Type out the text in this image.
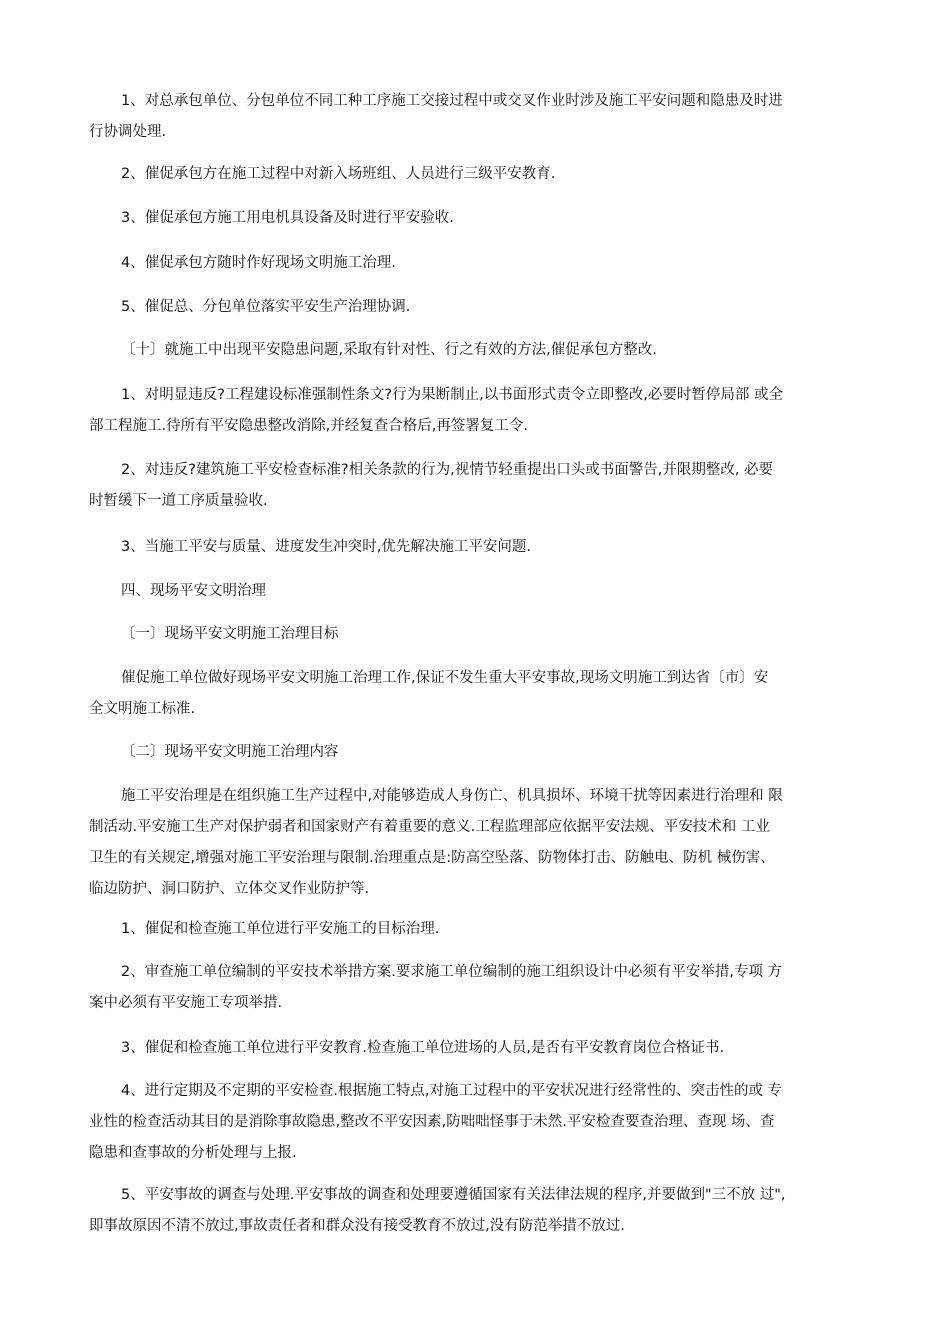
1、对总承包单位、分包单位不同工种工序施工交接过程中或交叉作业时涉及施工平安问题和隐患及时进
行协调处理.
2、催促承包方在施工过程中对新入场班组、人员进行三级平安教育.
3、催促承包方施工用电机具设备及时进行平安验收.
4、催促承包方随时作好现场文明施工治理.
5、催促总、分包单位落实平安生产治理协调.
〔十〕就施工中出现平安隐患问题,采取有针对性、行之有效的方法,催促承包方整改.
1、对明显违反?工程建设标准强制性条文?行为果断制止,以书面形式责令立即整改,必要时暂停局部 或全
部工程施工.待所有平安隐患整改消除,并经复查合格后,再签署复工令.
2、对违反?建筑施工平安检查标准?相关条款的行为,视情节轻重提出口头或书面警告,并限期整改, 必要
时暂缓下一道工序质量验收.
3、当施工平安与质量、进度发生冲突时,优先解决施工平安问题.
四、现场平安文明治理
〔一〕现场平安文明施工治理目标
催促施工单位做好现场平安文明施工治理工作,保证不发生重大平安事故,现场文明施工到达省〔市〕安
全文明施工标准.
〔二〕现场平安文明施工治理内容
施工平安治理是在组织施工生产过程中,对能够造成人身伤亡、机具损坏、环境干扰等因素进行治理和 限
制活动.平安施工生产对保护弱者和国家财产有着重要的意义.工程监理部应依据平安法规、平安技术和 工业
卫生的有关规定,增强对施工平安治理与限制.治理重点是:防高空坠落、防物体打击、防触电、防机 械伤害、
临边防护、洞口防护、立体交叉作业防护等.
1、催促和检查施工单位进行平安施工的目标治理.
2、审查施工单位编制的平安技术举措方案.要求施工单位编制的施工组织设计中必须有平安举措,专项 方
案中必须有平安施工专项举措.
3、催促和检查施工单位进行平安教育.检查施工单位进场的人员,是否有平安教育岗位合格证书.
4、进行定期及不定期的平安检查.根据施工特点,对施工过程中的平安状况进行经常性的、突击性的或 专
业性的检查活动其目的是消除事故隐患,整改不平安因素,防咄咄怪事于未然.平安检查要查治理、查现 场、查
隐患和查事故的分析处理与上报.
5、平安事故的调查与处理.平安事故的调查和处理要遵循国家有关法律法规的程序,并要做到"三不放 过",
即事故原因不清不放过,事故责任者和群众没有接受教育不放过,没有防范举措不放过.
